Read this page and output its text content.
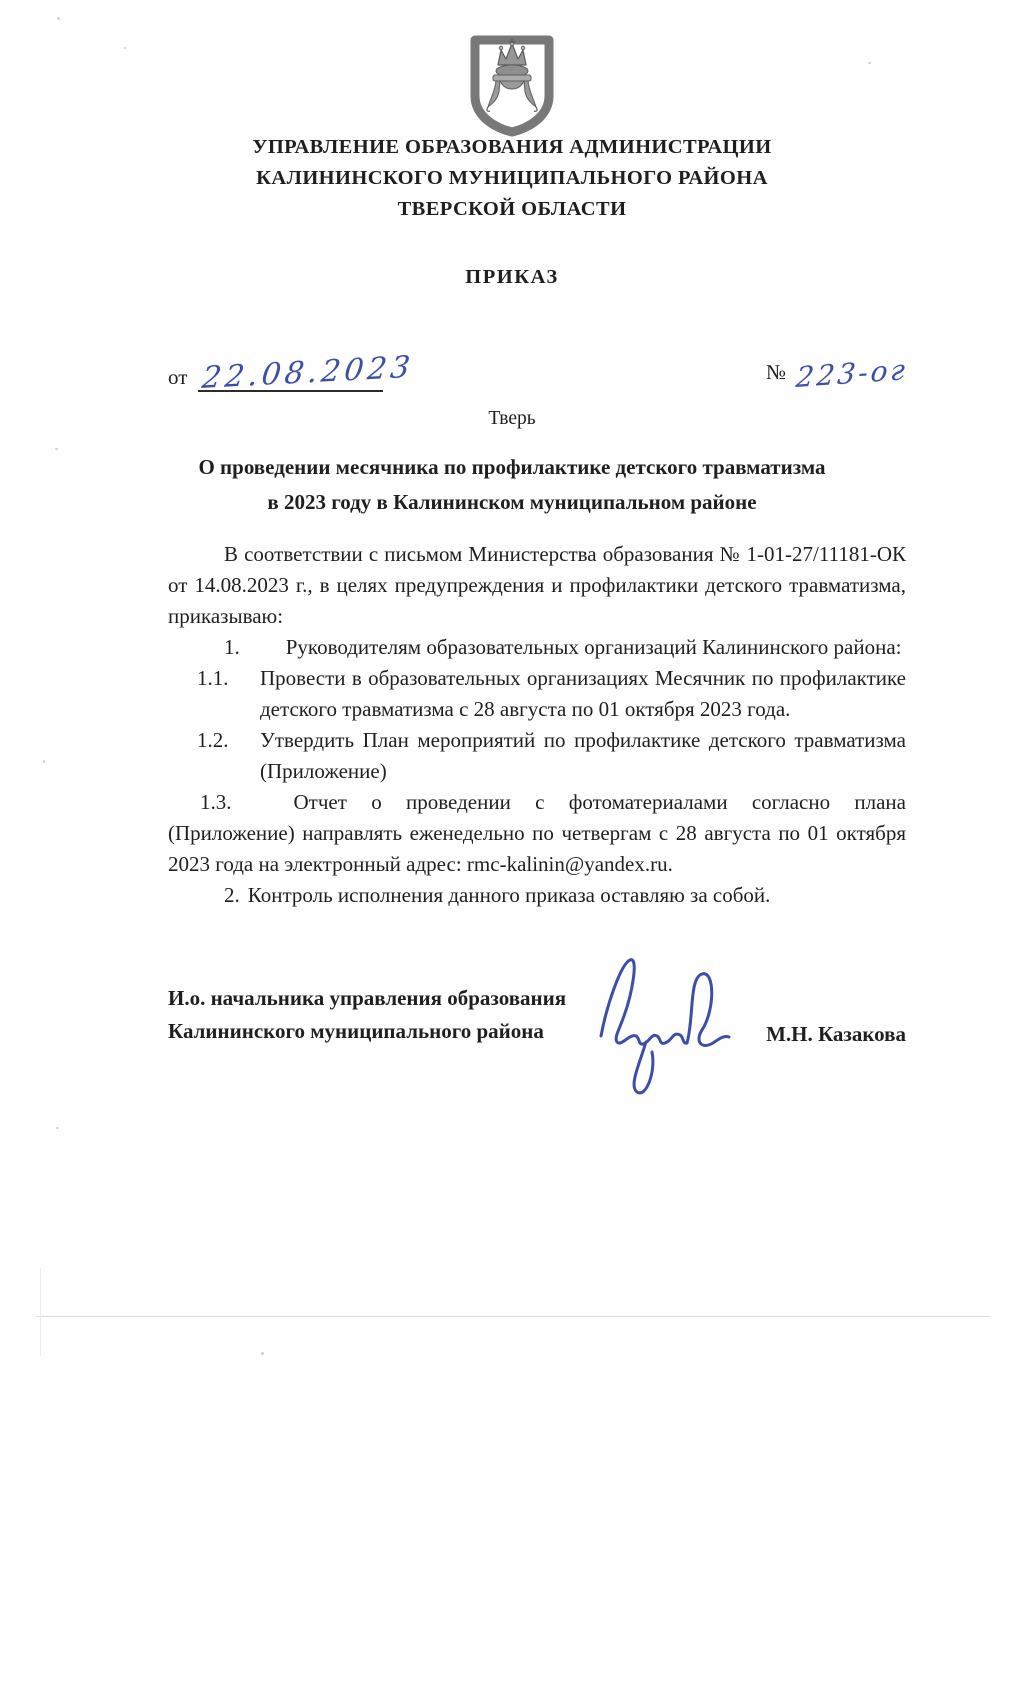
УПРАВЛЕНИЕ ОБРАЗОВАНИЯ АДМИНИСТРАЦИИ
КАЛИНИНСКОГО МУНИЦИПАЛЬНОГО РАЙОНА
ТВЕРСКОЙ ОБЛАСТИ
ПРИКАЗ
от 22.08.2023	№ 223-ог
Тверь
О проведении месячника по профилактике детского травматизма
в 2023 году в Калининском муниципальном районе

В соответствии с письмом Министерства образования № 1-01-27/11181-ОК от 14.08.2023 г., в целях предупреждения и профилактики детского травматизма, приказываю:

1. Руководителям образовательных организаций Калининского района:

1.1. Провести в образовательных организациях Месячник по профилактике детского травматизма с 28 августа по 01 октября 2023 года.

1.2. Утвердить План мероприятий по профилактике детского травматизма (Приложение)

1.3.	Отчет о проведении с фотоматериалами согласно плана (Приложение) направлять еженедельно по четвергам с 28 августа по 01 октября 2023 года на электронный адрес: rmc-kalinin@yandex.ru.

2. Контроль исполнения данного приказа оставляю за собой.

И.о. начальника управления образования
Калининского муниципального района	М.Н. Казакова
